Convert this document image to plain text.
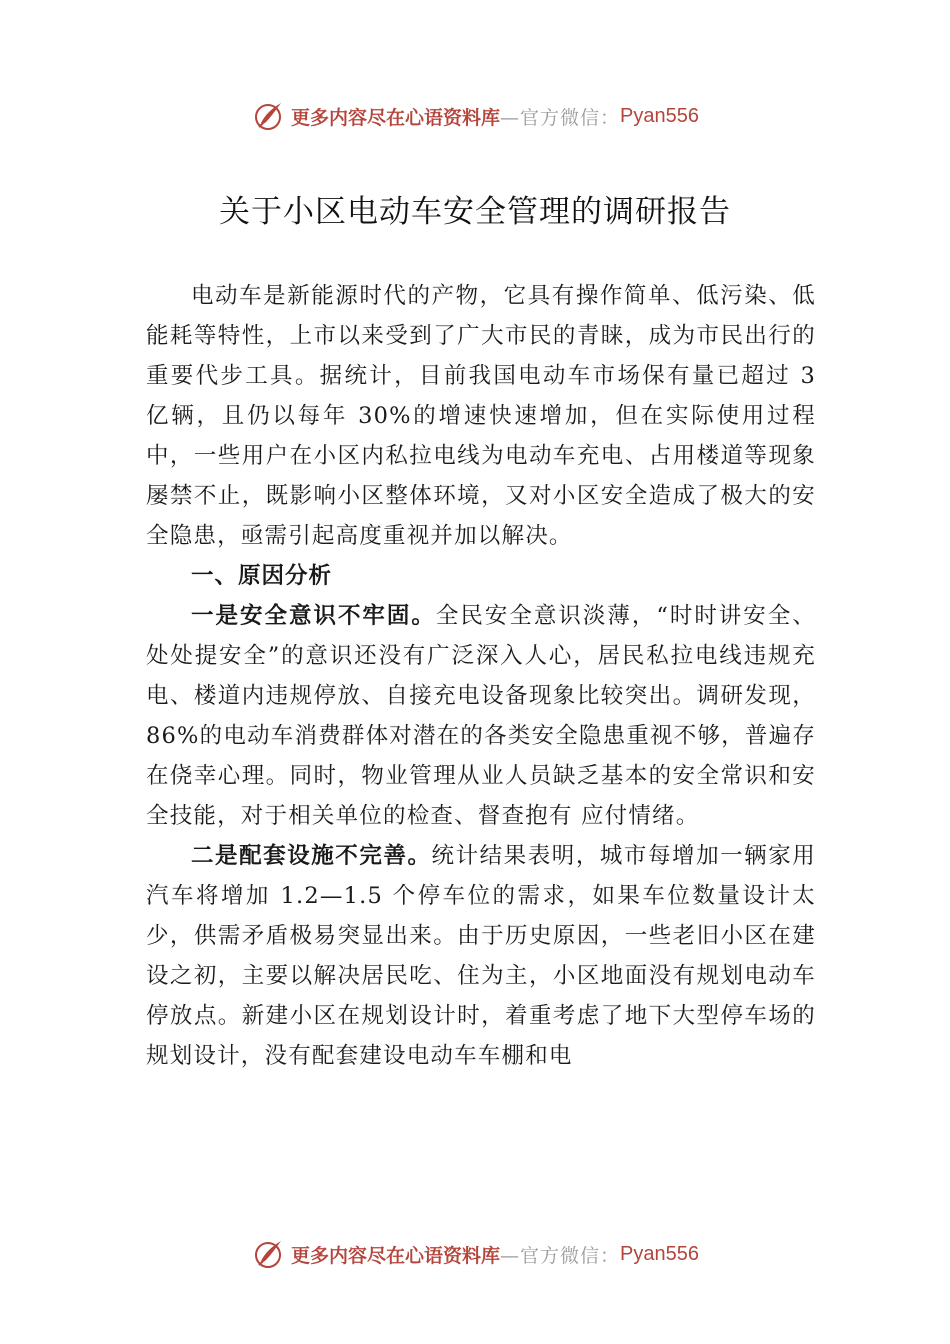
更多内容尽在心语资料库 —官方微信： Pyan556
关于小区电动车安全管理的调研报告

电动车是新能源时代的产物，它具有操作简单、低污染、低能耗等特性，上市以来受到了广大市民的青睐，成为市民出行的重要代步工具。据统计，目前我国电动车市场保有量已超过 3 亿辆，且仍以每年 30%的增速快速增加，但在实际使用过程中，一些用户在小区内私拉电线为电动车充电、占用楼道等现象屡禁不止，既影响小区整体环境，又对小区安全造成了极大的安全隐患，亟需引起高度重视并加以解决。

一、原因分析

一是安全意识不牢固。全民安全意识淡薄，“时时讲安全、处处提安全”的意识还没有广泛深入人心，居民私拉电线违规充电、楼道内违规停放、自接充电设备现象比较突出。调研发现，86%的电动车消费群体对潜在的各类安全隐患重视不够，普遍存在侥幸心理。同时，物业管理从业人员缺乏基本的安全常识和安全技能，对于相关单位的检查、督查抱有 应付情绪。

二是配套设施不完善。统计结果表明，城市每增加一辆家用汽车将增加 1.2—1.5 个停车位的需求，如果车位数量设计太少，供需矛盾极易突显出来。由于历史原因，一些老旧小区在建设之初，主要以解决居民吃、住为主，小区地面没有规划电动车停放点。新建小区在规划设计时，着重考虑了地下大型停车场的规划设计，没有配套建设电动车车棚和电

更多内容尽在心语资料库 —官方微信： Pyan556
